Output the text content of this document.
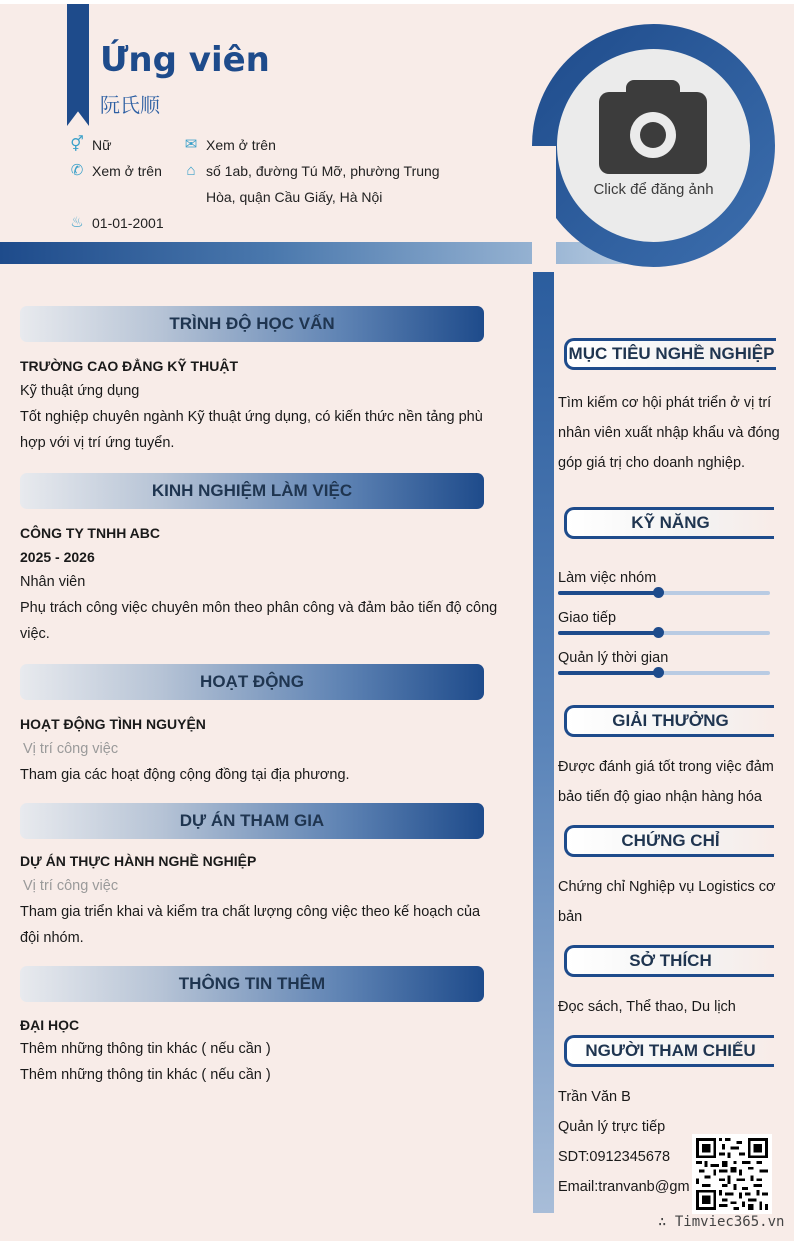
Ứng viên
阮氏顺
⚥ Nữ
✆ Xem ở trên
♨ 01-01-2001
✉ Xem ở trên
⌂ số 1ab, đường Tú Mỡ, phường Trung Hòa, quận Cầu Giấy, Hà Nội	Click để đăng ảnh
TRÌNH ĐỘ HỌC VẤN
TRƯỜNG CAO ĐẲNG KỸ THUẬT
Kỹ thuật ứng dụng
Tốt nghiệp chuyên ngành Kỹ thuật ứng dụng, có kiến thức nền tảng phù hợp với vị trí ứng tuyển.
KINH NGHIỆM LÀM VIỆC
CÔNG TY TNHH ABC
2025 - 2026
Nhân viên
Phụ trách công việc chuyên môn theo phân công và đảm bảo tiến độ công việc.
HOẠT ĐỘNG
HOẠT ĐỘNG TÌNH NGUYỆN
Vị trí công việc
Tham gia các hoạt động cộng đồng tại địa phương.
DỰ ÁN THAM GIA
DỰ ÁN THỰC HÀNH NGHỀ NGHIỆP
Vị trí công việc
Tham gia triển khai và kiểm tra chất lượng công việc theo kế hoạch của đội nhóm.
THÔNG TIN THÊM
ĐẠI HỌC
Thêm những thông tin khác ( nếu cần )
Thêm những thông tin khác ( nếu cần )
MỤC TIÊU NGHỀ NGHIỆP
Tìm kiếm cơ hội phát triển ở vị trí nhân viên xuất nhập khẩu và đóng góp giá trị cho doanh nghiệp.
KỸ NĂNG
Làm việc nhóm
Giao tiếp
Quản lý thời gian
GIẢI THƯỞNG
Được đánh giá tốt trong việc đảm bảo tiến độ giao nhận hàng hóa
CHỨNG CHỈ
Chứng chỉ Nghiệp vụ Logistics cơ bản
SỞ THÍCH
Đọc sách, Thể thao, Du lịch
NGƯỜI THAM CHIẾU
Trần Văn B
Quản lý trực tiếp
SDT:0912345678
Email:tranvanb@gm
∴ Timviec365.vn
